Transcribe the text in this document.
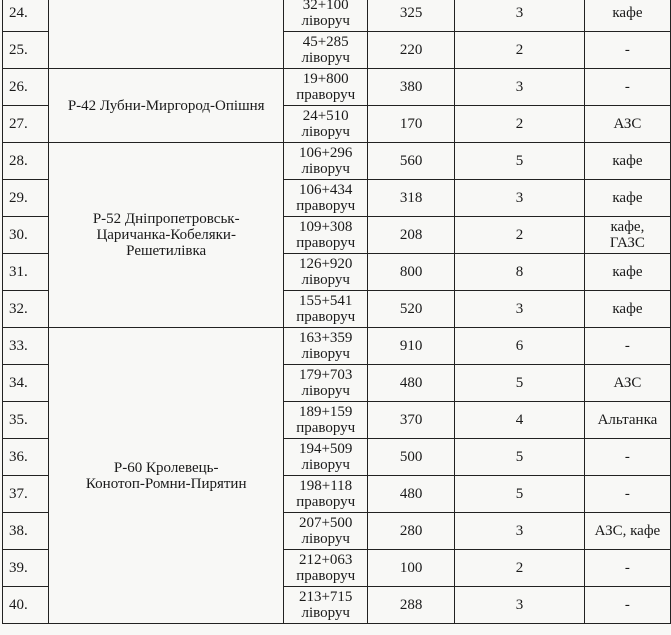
24.		32+100
ліворуч	325	3	кафе
25.		45+285
ліворуч	220	2	-
26.	Р-42 Лубни-Миргород-Опішня	19+800
праворуч	380	3	-
27.		24+510
ліворуч	170	2	АЗС
28.	Р-52 Дніпропетровськ-
Царичанка-Кобеляки-
Решетилівка	106+296
ліворуч	560	5	кафе
29.		106+434
праворуч	318	3	кафе
30.		109+308
праворуч	208	2	кафе,
ГАЗС
31.		126+920
ліворуч	800	8	кафе
32.		155+541
праворуч	520	3	кафе
33.	Р-60 Кролевець-
Конотоп-Ромни-Пирятин	163+359
ліворуч	910	6	-
34.		179+703
ліворуч	480	5	АЗС
35.		189+159
праворуч	370	4	Альтанка
36.		194+509
ліворуч	500	5	-
37.		198+118
праворуч	480	5	-
38.		207+500
ліворуч	280	3	АЗС, кафе
39.		212+063
праворуч	100	2	-
40.		213+715
ліворуч	288	3	-
